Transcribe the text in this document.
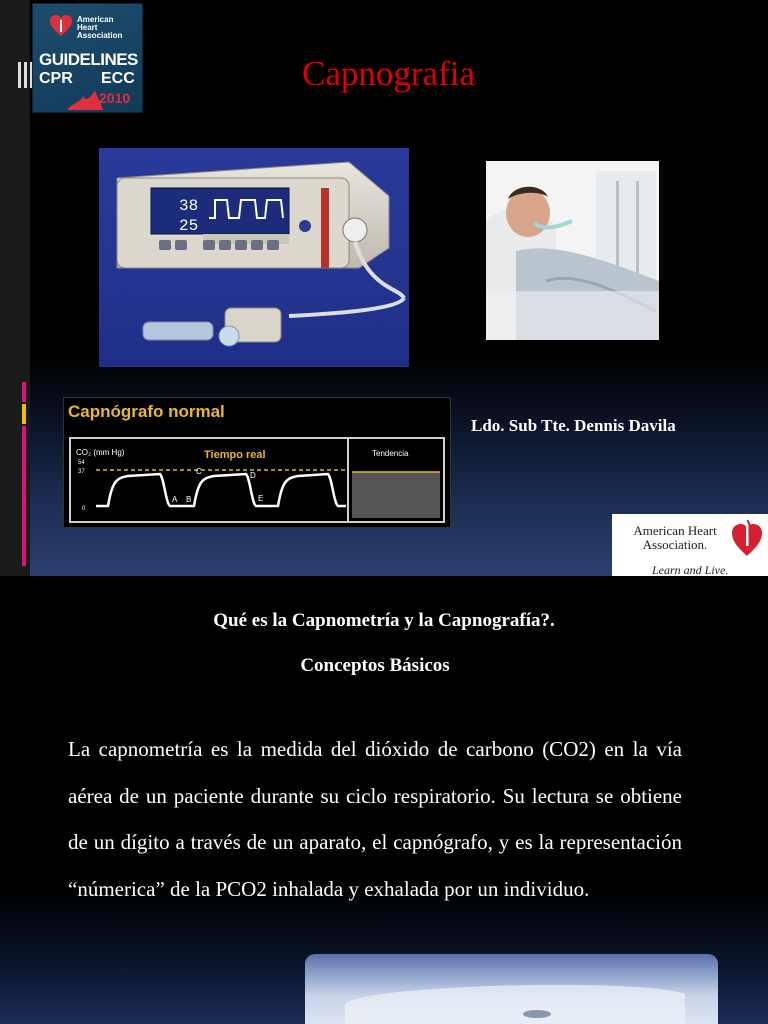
American
Heart
Association
GUIDELINES
CPR ECC
2010
Capnografia
38
25
CO₂ (mm Hg)
54
37
0
Tiempo real	Tendencia
A B
C	D
E
Capnógrafo normal
Ldo. Sub Tte. Dennis Davila
American Heart
Association.
Learn and Live.
Qué es la Capnometría y la Capnografía?.
Conceptos Básicos
La capnometría es la medida del dióxido de carbono (CO2) en la vía aérea de un paciente durante su ciclo respiratorio. Su lectura se obtiene de un dígito a través de un aparato, el capnógrafo, y es la representación “númerica” de la PCO2 inhalada y exhalada por un individuo.
